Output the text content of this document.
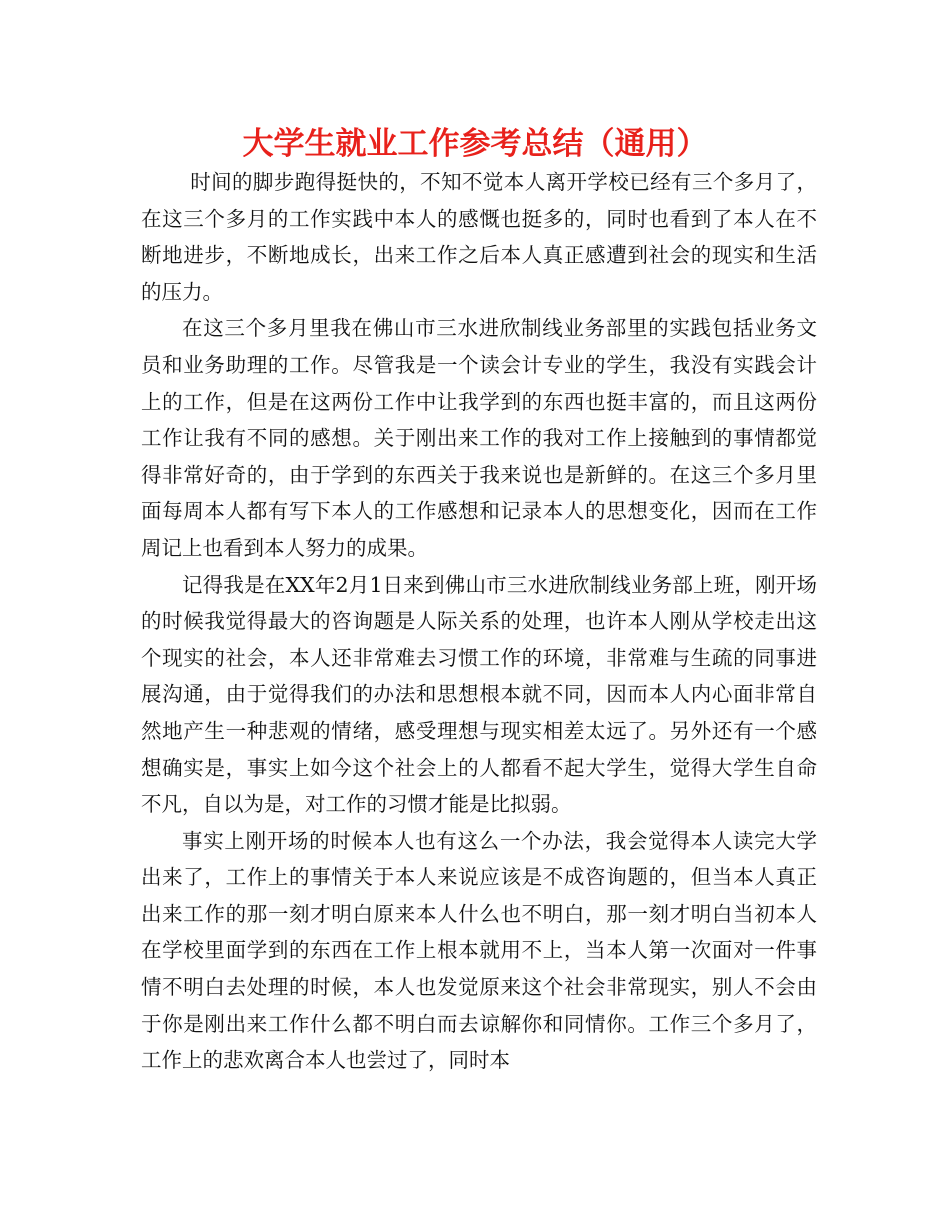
大学生就业工作参考总结（通用）

时间的脚步跑得挺快的，不知不觉本人离开学校已经有三个多月了，在这三个多月的工作实践中本人的感慨也挺多的，同时也看到了本人在不断地进步，不断地成长，出来工作之后本人真正感遭到社会的现实和生活的压力。

在这三个多月里我在佛山市三水进欣制线业务部里的实践包括业务文员和业务助理的工作。尽管我是一个读会计专业的学生，我没有实践会计上的工作，但是在这两份工作中让我学到的东西也挺丰富的，而且这两份工作让我有不同的感想。关于刚出来工作的我对工作上接触到的事情都觉得非常好奇的，由于学到的东西关于我来说也是新鲜的。在这三个多月里面每周本人都有写下本人的工作感想和记录本人的思想变化，因而在工作周记上也看到本人努力的成果。

记得我是在XX年2月1日来到佛山市三水进欣制线业务部上班，刚开场的时候我觉得最大的咨询题是人际关系的处理，也许本人刚从学校走出这个现实的社会，本人还非常难去习惯工作的环境，非常难与生疏的同事进展沟通，由于觉得我们的办法和思想根本就不同，因而本人内心面非常自然地产生一种悲观的情绪，感受理想与现实相差太远了。另外还有一个感想确实是，事实上如今这个社会上的人都看不起大学生，觉得大学生自命不凡，自以为是，对工作的习惯才能是比拟弱。

事实上刚开场的时候本人也有这么一个办法，我会觉得本人读完大学出来了，工作上的事情关于本人来说应该是不成咨询题的，但当本人真正出来工作的那一刻才明白原来本人什么也不明白，那一刻才明白当初本人在学校里面学到的东西在工作上根本就用不上，当本人第一次面对一件事情不明白去处理的时候，本人也发觉原来这个社会非常现实，别人不会由于你是刚出来工作什么都不明白而去谅解你和同情你。工作三个多月了，工作上的悲欢离合本人也尝过了，同时本
